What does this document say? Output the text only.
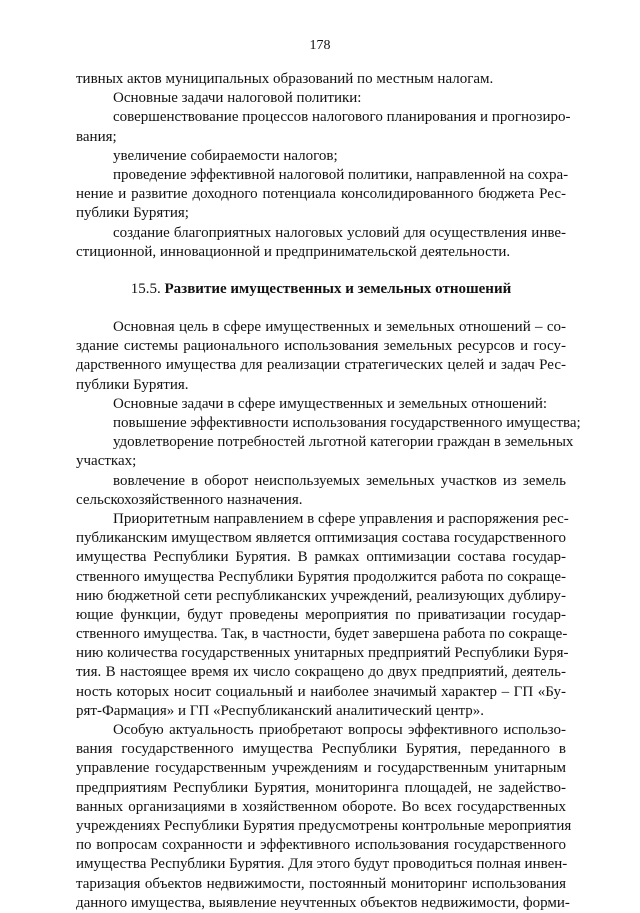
178
тивных актов муниципальных образований по местным налогам.
Основные задачи налоговой политики:
совершенствование процессов налогового планирования и прогнозиро-
вания;
увеличение собираемости налогов;
проведение эффективной налоговой политики, направленной на сохра-
нение и развитие доходного потенциала консолидированного бюджета Рес-
публики Бурятия;
создание благоприятных налоговых условий для осуществления инве-
стиционной, инновационной и предпринимательской деятельности.
15.5. Развитие имущественных и земельных отношений
Основная цель в сфере имущественных и земельных отношений – со-
здание системы рационального использования земельных ресурсов и госу-
дарственного имущества для реализации стратегических целей и задач Рес-
публики Бурятия.
Основные задачи в сфере имущественных и земельных отношений:
повышение эффективности использования государственного имущества;
удовлетворение потребностей льготной категории граждан в земельных
участках;
вовлечение в оборот неиспользуемых земельных участков из земель
сельскохозяйственного назначения.
Приоритетным направлением в сфере управления и распоряжения рес-
публиканским имуществом является оптимизация состава государственного
имущества Республики Бурятия. В рамках оптимизации состава государ-
ственного имущества Республики Бурятия продолжится работа по сокраще-
нию бюджетной сети республиканских учреждений, реализующих дублиру-
ющие функции, будут проведены мероприятия по приватизации государ-
ственного имущества. Так, в частности, будет завершена работа по сокраще-
нию количества государственных унитарных предприятий Республики Буря-
тия. В настоящее время их число сокращено до двух предприятий, деятель-
ность которых носит социальный и наиболее значимый характер – ГП «Бу-
рят-Фармация» и ГП «Республиканский аналитический центр».
Особую актуальность приобретают вопросы эффективного использо-
вания государственного имущества Республики Бурятия, переданного в
управление государственным учреждениям и государственным унитарным
предприятиям Республики Бурятия, мониторинга площадей, не задейство-
ванных организациями в хозяйственном обороте. Во всех государственных
учреждениях Республики Бурятия предусмотрены контрольные мероприятия
по вопросам сохранности и эффективного использования государственного
имущества Республики Бурятия. Для этого будут проводиться полная инвен-
таризация объектов недвижимости, постоянный мониторинг использования
данного имущества, выявление неучтенных объектов недвижимости, форми-
